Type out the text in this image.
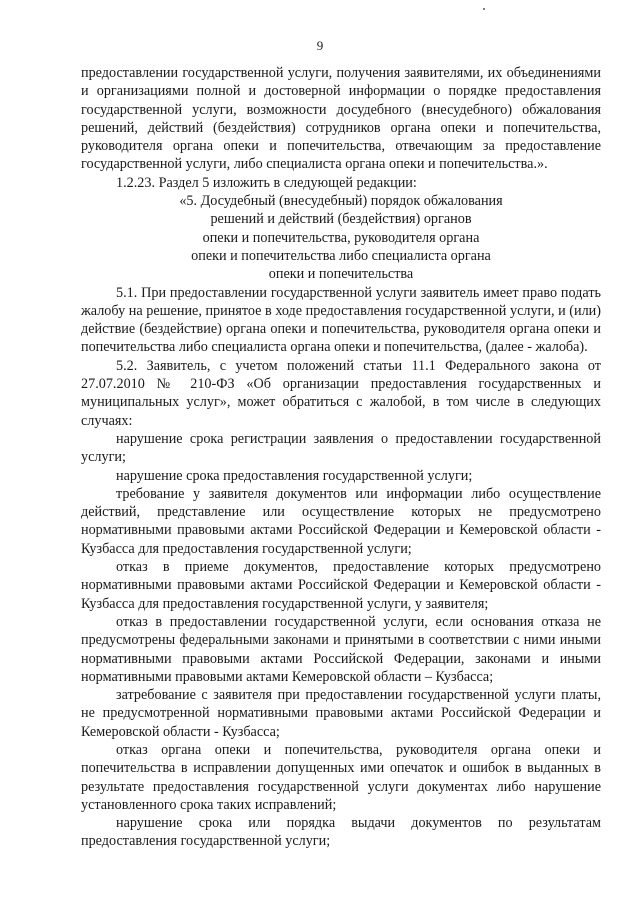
9

предоставлении государственной услуги, получения заявителями, их объединениями и организациями полной и достоверной информации о порядке предоставления государственной услуги, возможности досудебного (внесудебного) обжалования решений, действий (бездействия) сотрудников органа опеки и попечительства, руководителя органа опеки и попечительства, отвечающим за предоставление государственной услуги, либо специалиста органа опеки и попечительства.».

1.2.23. Раздел 5 изложить в следующей редакции:

«5. Досудебный (внесудебный) порядок обжалования

решений и действий (бездействия) органов

опеки и попечительства, руководителя органа

опеки и попечительства либо специалиста органа

опеки и попечительства

5.1. При предоставлении государственной услуги заявитель имеет право подать жалобу на решение, принятое в ходе предоставления государственной услуги, и (или) действие (бездействие) органа опеки и попечительства, руководителя органа опеки и попечительства либо специалиста органа опеки и попечительства, (далее - жалоба).

5.2. Заявитель, с учетом положений статьи 11.1 Федерального закона от 27.07.2010 № 210-ФЗ «Об организации предоставления государственных и муниципальных услуг», может обратиться с жалобой, в том числе в следующих случаях:

нарушение срока регистрации заявления о предоставлении государственной услуги;

нарушение срока предоставления государственной услуги;

требование у заявителя документов или информации либо осуществление действий, представление или осуществление которых не предусмотрено нормативными правовыми актами Российской Федерации и Кемеровской области - Кузбасса для предоставления государственной услуги;

отказ в приеме документов, предоставление которых предусмотрено нормативными правовыми актами Российской Федерации и Кемеровской области - Кузбасса для предоставления государственной услуги, у заявителя;

отказ в предоставлении государственной услуги, если основания отказа не предусмотрены федеральными законами и принятыми в соответствии с ними иными нормативными правовыми актами Российской Федерации, законами и иными нормативными правовыми актами Кемеровской области – Кузбасса;

затребование с заявителя при предоставлении государственной услуги платы, не предусмотренной нормативными правовыми актами Российской Федерации и Кемеровской области - Кузбасса;

отказ органа опеки и попечительства, руководителя органа опеки и попечительства в исправлении допущенных ими опечаток и ошибок в выданных в результате предоставления государственной услуги документах либо нарушение установленного срока таких исправлений;

нарушение срока или порядка выдачи документов по результатам предоставления государственной услуги;
